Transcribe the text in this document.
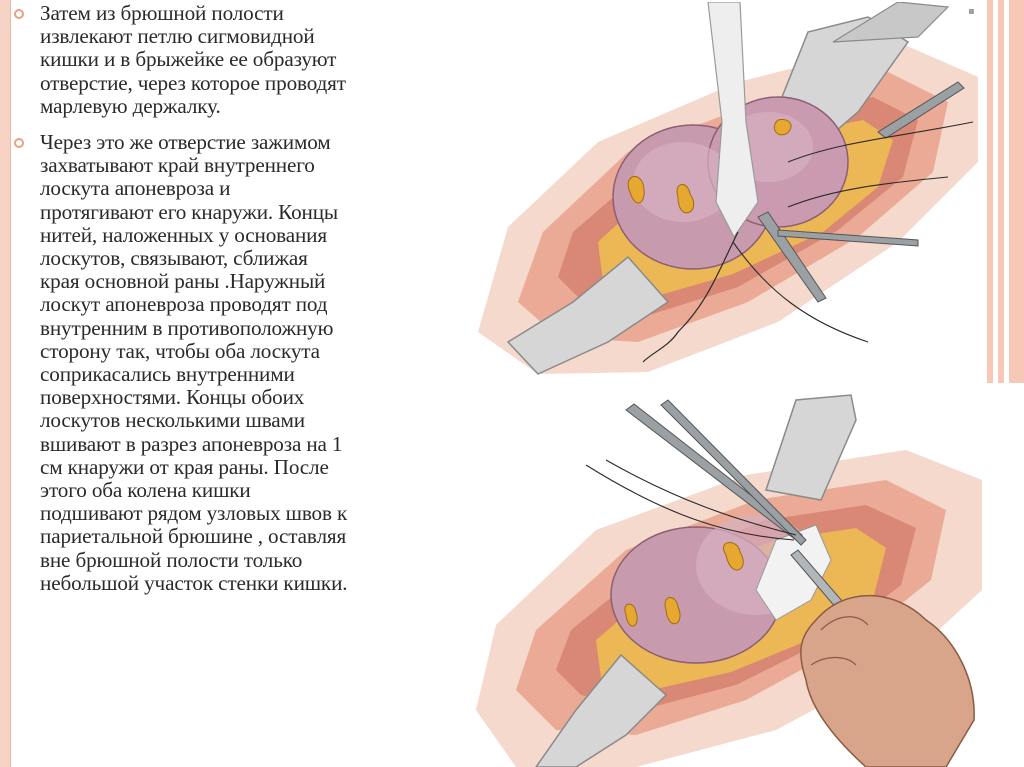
▪
Затем из брюшной полости
извлекают петлю сигмовидной
кишки и в брыжейке ее образуют
отверстие, через которое проводят
марлевую держалку.
Через это же отверстие зажимом
захватывают край внутреннего
лоскута апоневроза и
протягивают его кнаружи. Концы
нитей, наложенных у основания
лоскутов, связывают, сближая
края основной раны .Наружный
лоскут апоневроза проводят под
внутренним в противоположную
сторону так, чтобы оба лоскута
соприкасались внутренними
поверхностями. Концы обоих
лоскутов несколькими швами
вшивают в разрез апоневроза на 1
см кнаружи от края раны. После
этого оба колена кишки
подшивают рядом узловых швов к
париетальной брюшине , оставляя
вне брюшной полости только
небольшой участок стенки кишки.
